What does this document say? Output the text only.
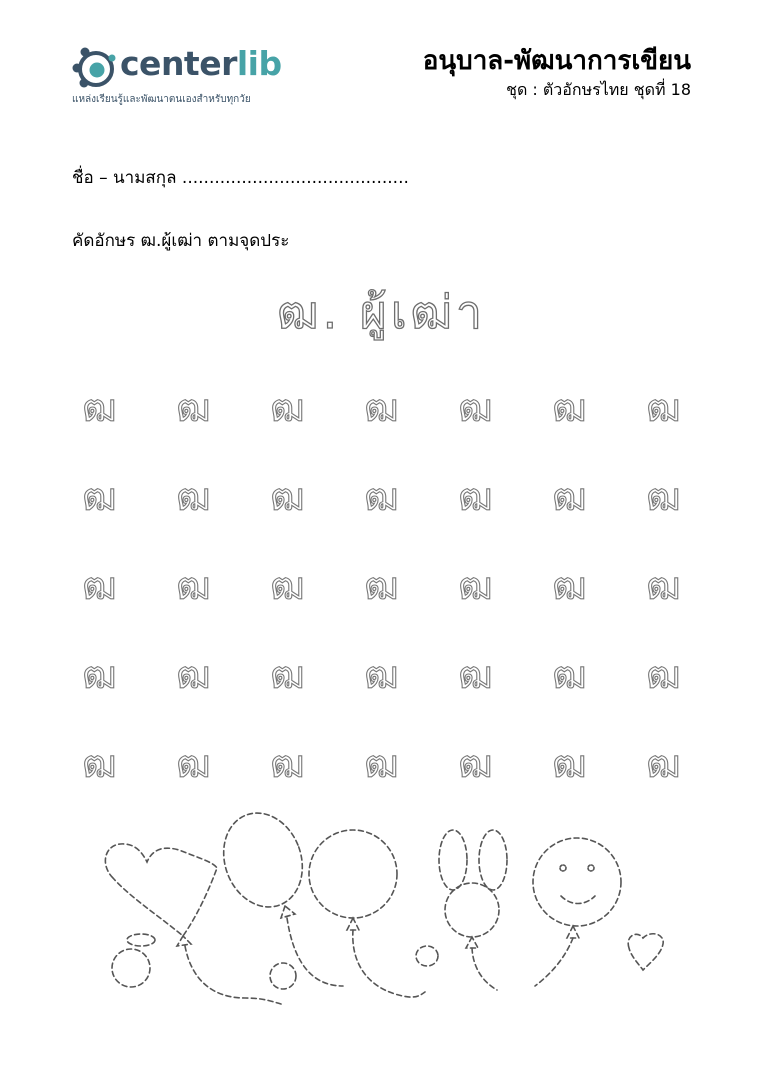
centerlib
แหล่งเรียนรู้และพัฒนาตนเองสำหรับทุกวัย
อนุบาล-พัฒนาการเขียน
ชุด : ตัวอักษรไทย ชุดที่ 18
ชื่อ – นามสกุล ..........................................
คัดอักษร ฒ.ผู้เฒ่า ตามจุดประ
ฒ. ผู้เฒ่า
ฒ ฒ ฒ ฒ ฒ ฒ ฒ
ฒ ฒ ฒ ฒ ฒ ฒ ฒ
ฒ ฒ ฒ ฒ ฒ ฒ ฒ
ฒ ฒ ฒ ฒ ฒ ฒ ฒ
ฒ ฒ ฒ ฒ ฒ ฒ ฒ
